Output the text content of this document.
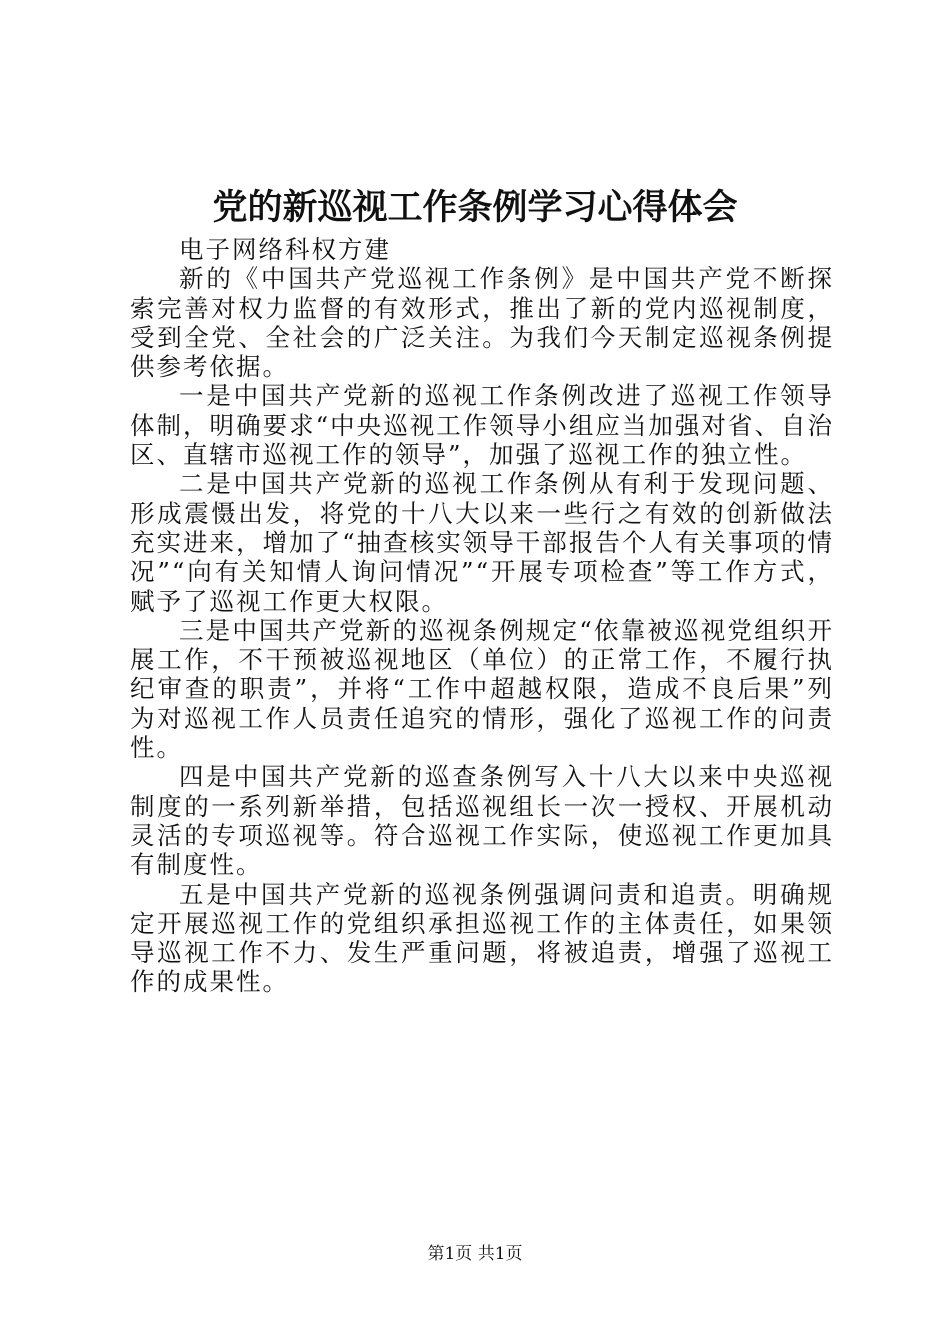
党的新巡视工作条例学习心得体会

电子网络科权方建

新的《中国共产党巡视工作条例》是中国共产党不断探索完善对权力监督的有效形式，推出了新的党内巡视制度，受到全党、全社会的广泛关注。为我们今天制定巡视条例提供参考依据。

一是中国共产党新的巡视工作条例改进了巡视工作领导体制，明确要求“中央巡视工作领导小组应当加强对省、自治区、直辖市巡视工作的领导”，加强了巡视工作的独立性。

二是中国共产党新的巡视工作条例从有利于发现问题、形成震慑出发，将党的十八大以来一些行之有效的创新做法充实进来，增加了“抽查核实领导干部报告个人有关事项的情况”“向有关知情人询问情况”“开展专项检查”等工作方式，赋予了巡视工作更大权限。

三是中国共产党新的巡视条例规定“依靠被巡视党组织开展工作，不干预被巡视地区（单位）的正常工作，不履行执纪审查的职责”，并将“工作中超越权限，造成不良后果”列为对巡视工作人员责任追究的情形，强化了巡视工作的问责性。

四是中国共产党新的巡查条例写入十八大以来中央巡视制度的一系列新举措，包括巡视组长一次一授权、开展机动灵活的专项巡视等。符合巡视工作实际，使巡视工作更加具有制度性。

五是中国共产党新的巡视条例强调问责和追责。明确规定开展巡视工作的党组织承担巡视工作的主体责任，如果领导巡视工作不力、发生严重问题，将被追责，增强了巡视工作的成果性。

第1页 共1页
